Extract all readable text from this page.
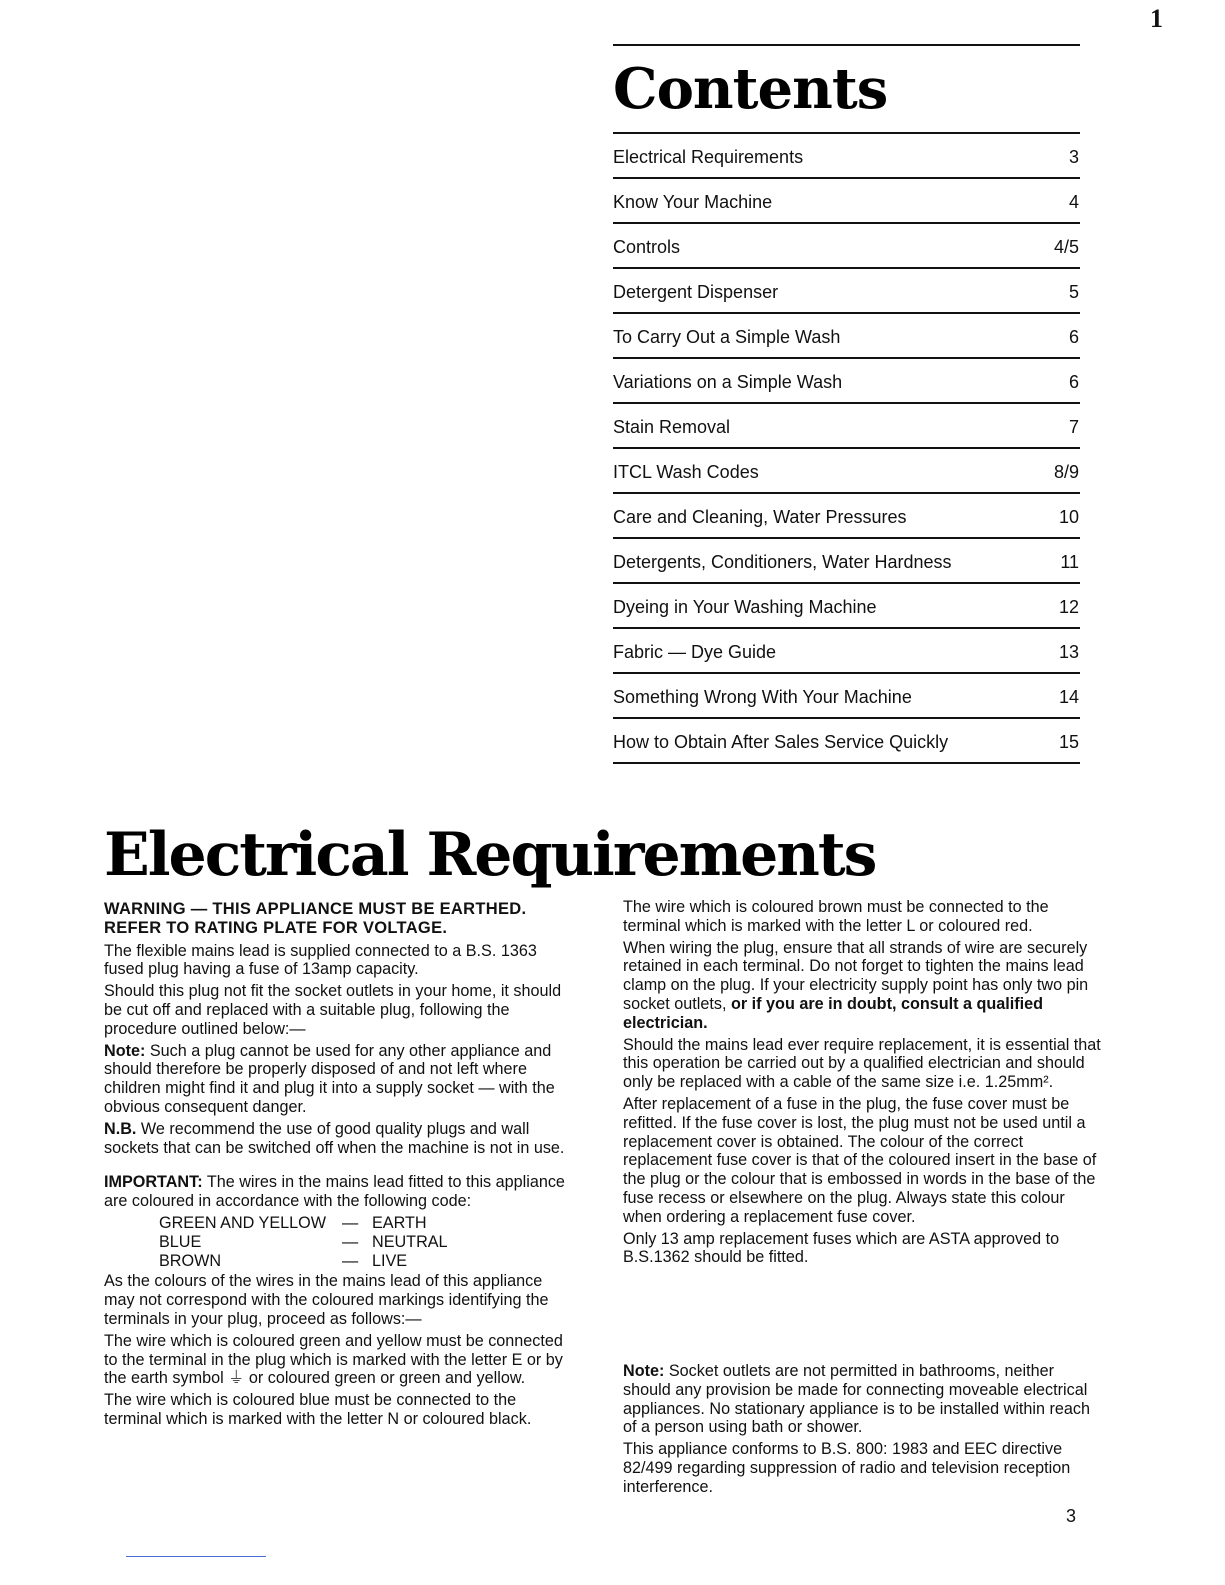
1
Contents
Electrical Requirements	3
Know Your Machine	4
Controls	4/5
Detergent Dispenser	5
To Carry Out a Simple Wash	6
Variations on a Simple Wash	6
Stain Removal	7
ITCL Wash Codes	8/9
Care and Cleaning, Water Pressures	10
Detergents, Conditioners, Water Hardness	11
Dyeing in Your Washing Machine	12
Fabric — Dye Guide	13
Something Wrong With Your Machine	14
How to Obtain After Sales Service Quickly	15
Electrical Requirements

WARNING — THIS APPLIANCE MUST BE EARTHED. REFER TO RATING PLATE FOR VOLTAGE.

The flexible mains lead is supplied connected to a B.S. 1363 fused plug having a fuse of 13amp capacity.

Should this plug not fit the socket outlets in your home, it should be cut off and replaced with a suitable plug, following the procedure outlined below:—

Note: Such a plug cannot be used for any other appliance and should therefore be properly disposed of and not left where children might find it and plug it into a supply socket — with the obvious consequent danger.

N.B. We recommend the use of good quality plugs and wall sockets that can be switched off when the machine is not in use.

IMPORTANT: The wires in the mains lead fitted to this appliance are coloured in accordance with the following code:

GREEN AND YELLOW — EARTH
BLUE	— NEUTRAL
BROWN	— LIVE

As the colours of the wires in the mains lead of this appliance may not correspond with the coloured markings identifying the terminals in your plug, proceed as follows:—

The wire which is coloured green and yellow must be connected to the terminal in the plug which is marked with the letter E or by the earth symbol ⏚ or coloured green or green and yellow.

The wire which is coloured blue must be connected to the terminal which is marked with the letter N or coloured black.

The wire which is coloured brown must be connected to the terminal which is marked with the letter L or coloured red.

When wiring the plug, ensure that all strands of wire are securely retained in each terminal. Do not forget to tighten the mains lead clamp on the plug. If your electricity supply point has only two pin socket outlets, or if you are in doubt, consult a qualified electrician.

Should the mains lead ever require replacement, it is essential that this operation be carried out by a qualified electrician and should only be replaced with a cable of the same size i.e. 1.25mm².

After replacement of a fuse in the plug, the fuse cover must be refitted. If the fuse cover is lost, the plug must not be used until a replacement cover is obtained. The colour of the correct replacement fuse cover is that of the coloured insert in the base of the plug or the colour that is embossed in words in the base of the fuse recess or elsewhere on the plug. Always state this colour when ordering a replacement fuse cover.

Only 13 amp replacement fuses which are ASTA approved to B.S.1362 should be fitted.

Note: Socket outlets are not permitted in bathrooms, neither should any provision be made for connecting moveable electrical appliances. No stationary appliance is to be installed within reach of a person using bath or shower.

This appliance conforms to B.S. 800: 1983 and EEC directive 82/499 regarding suppression of radio and television reception interference.

3
